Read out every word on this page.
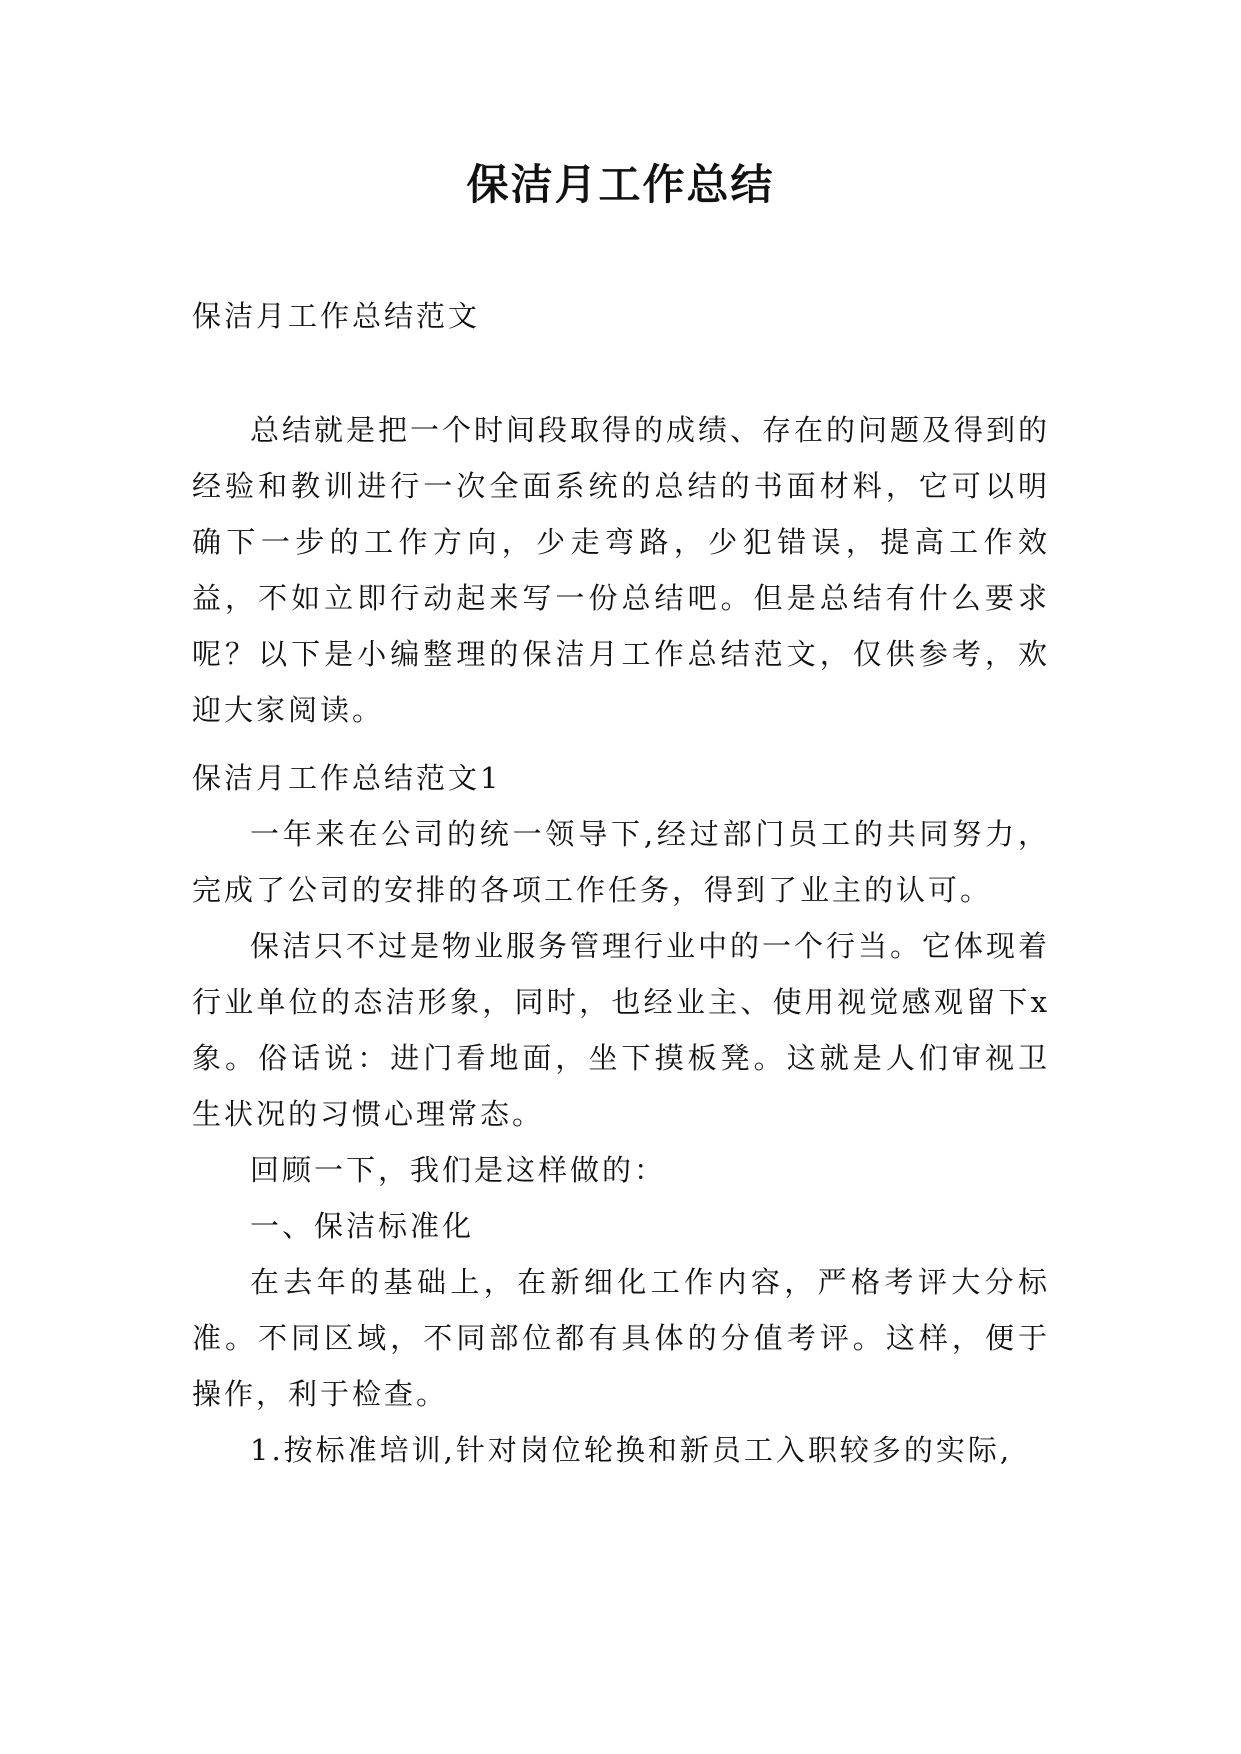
保洁月工作总结
保洁月工作总结范文

总结就是把一个时间段取得的成绩、存在的问题及得到的经验和教训进行一次全面系统的总结的书面材料，它可以明确下一步的工作方向，少走弯路，少犯错误，提高工作效益，不如立即行动起来写一份总结吧。但是总结有什么要求呢？以下是小编整理的保洁月工作总结范文，仅供参考，欢迎大家阅读。

保洁月工作总结范文1

一年来在公司的统一领导下,经过部门员工的共同努力，完成了公司的安排的各项工作任务，得到了业主的认可。

保洁只不过是物业服务管理行业中的一个行当。它体现着行业单位的态洁形象，同时，也经业主、使用视觉感观留下x象。俗话说：进门看地面，坐下摸板凳。这就是人们审视卫生状况的习惯心理常态。

回顾一下，我们是这样做的：

一、保洁标准化

在去年的基础上，在新细化工作内容，严格考评大分标准。不同区域，不同部位都有具体的分值考评。这样，便于操作，利于检查。

1.按标准培训,针对岗位轮换和新员工入职较多的实际,
